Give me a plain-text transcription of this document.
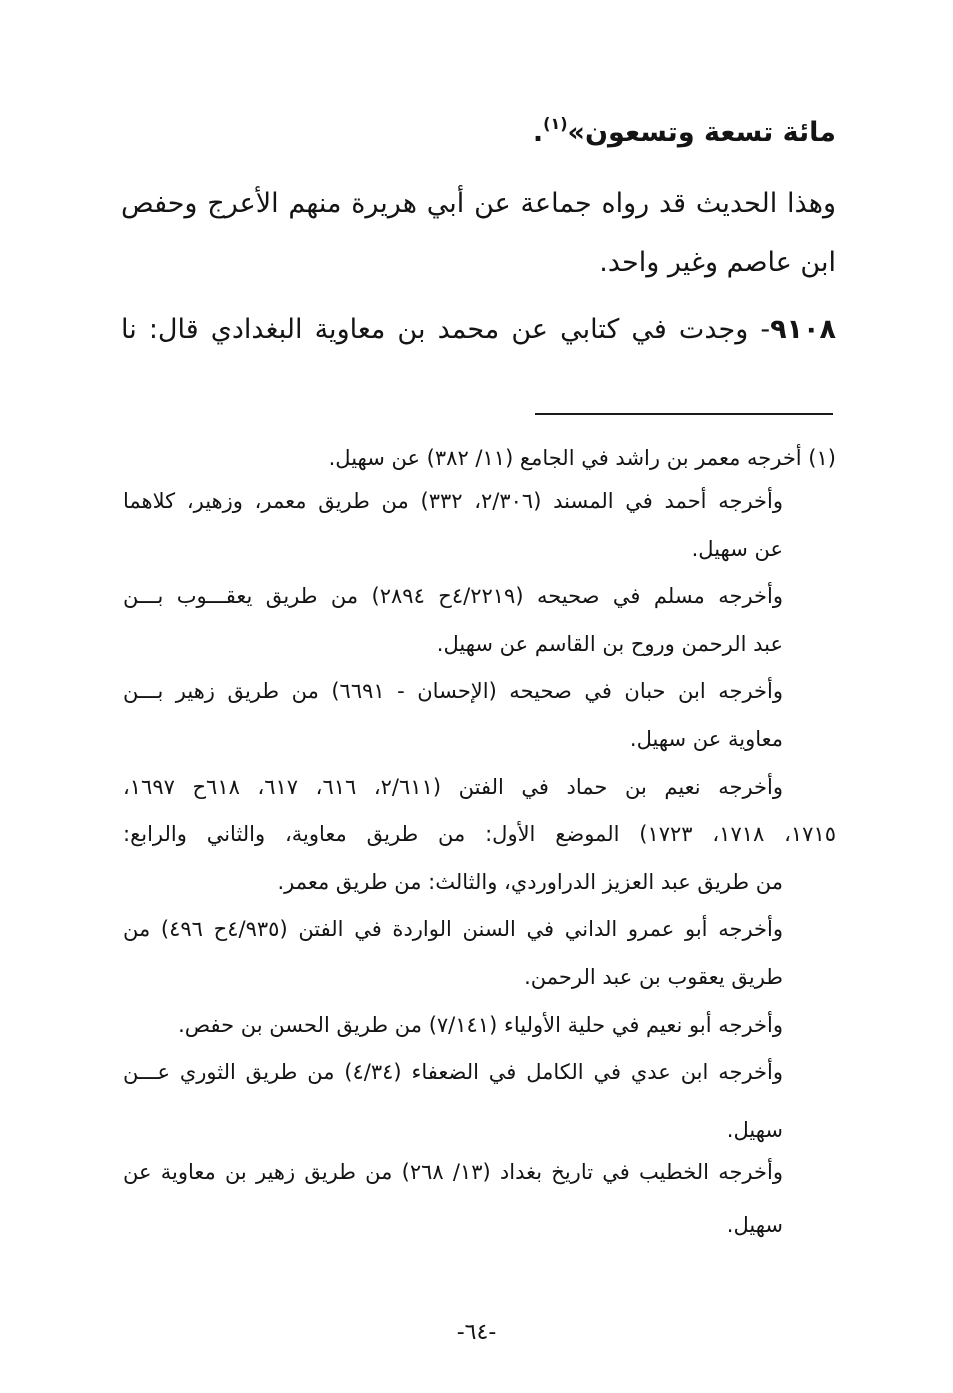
مائة تسعة وتسعون»$^{(١)}$.
وهذا الحديث قد رواه جماعة عن أبي هريرة منهم الأعرج وحفص
ابن عاصم وغير واحد.
٩١٠٨- وجدت في كتابي عن محمد بن معاوية البغدادي قال: نا
(١) أخرجه معمر بن راشد في الجامع (١١/ ٣٨٢) عن سهيل.
وأخرجه أحمد في المسند (٢/٣٠٦، ٣٣٢) من طريق معمر، وزهير، كلاهما
عن سهيل.
وأخرجه مسلم في صحيحه (٤/٢٢١٩ح ٢٨٩٤) من طريق يعقـــوب بـــن
عبد الرحمن وروح بن القاسم عن سهيل.
وأخرجه ابن حبان في صحيحه (الإحسان - ٦٦٩١) من طريق زهير بـــن
معاوية عن سهيل.
وأخرجه نعيم بن حماد في الفتن (٢/٦١١، ٦١٦، ٦١٧، ٦١٨ح ١٦٩٧،
١٧١٥، ١٧١٨، ١٧٢٣) الموضع الأول: من طريق معاوية، والثاني والرابع:
من طريق عبد العزيز الدراوردي، والثالث: من طريق معمر.
وأخرجه أبو عمرو الداني في السنن الواردة في الفتن (٤/٩٣٥ح ٤٩٦) من
طريق يعقوب بن عبد الرحمن.
وأخرجه أبو نعيم في حلية الأولياء (٧/١٤١) من طريق الحسن بن حفص.
وأخرجه ابن عدي في الكامل في الضعفاء (٤/٣٤) من طريق الثوري عـــن
سهيل.
وأخرجه الخطيب في تاريخ بغداد (١٣/ ٢٦٨) من طريق زهير بن معاوية عن
سهيل.
-٦٤-
